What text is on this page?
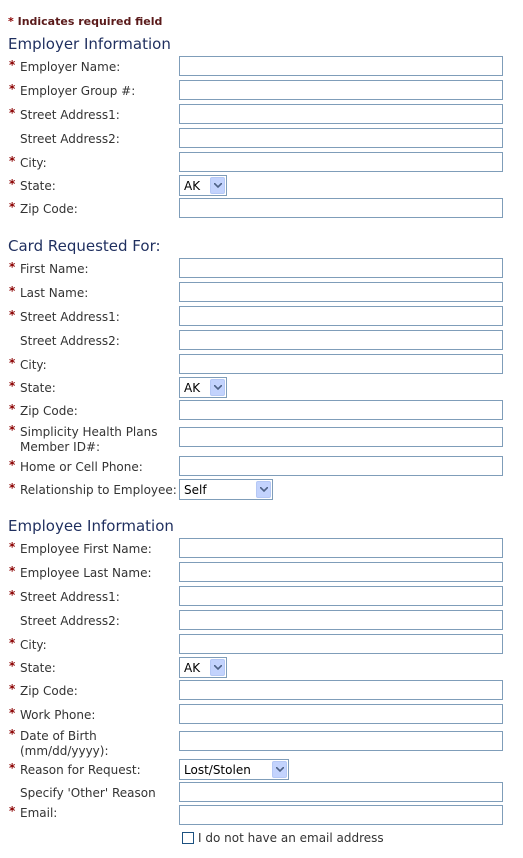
* Indicates required field
Employer Information
* Employer Name:
* Employer Group #:
* Street Address1:
Street Address2:
* City:
* State:	AK
* Zip Code:
Card Requested For:
* First Name:
* Last Name:
* Street Address1:
Street Address2:
* City:
* State:	AK
* Zip Code:
* Simplicity Health Plans Member ID#:
* Home or Cell Phone:
* Relationship to Employee: Self
Employee Information
* Employee First Name:
* Employee Last Name:
* Street Address1:
Street Address2:
* City:
* State:	AK
* Zip Code:
* Work Phone:
* Date of Birth (mm/dd/yyyy):
* Reason for Request:	Lost/Stolen
Specify 'Other' Reason
* Email:
I do not have an email address
